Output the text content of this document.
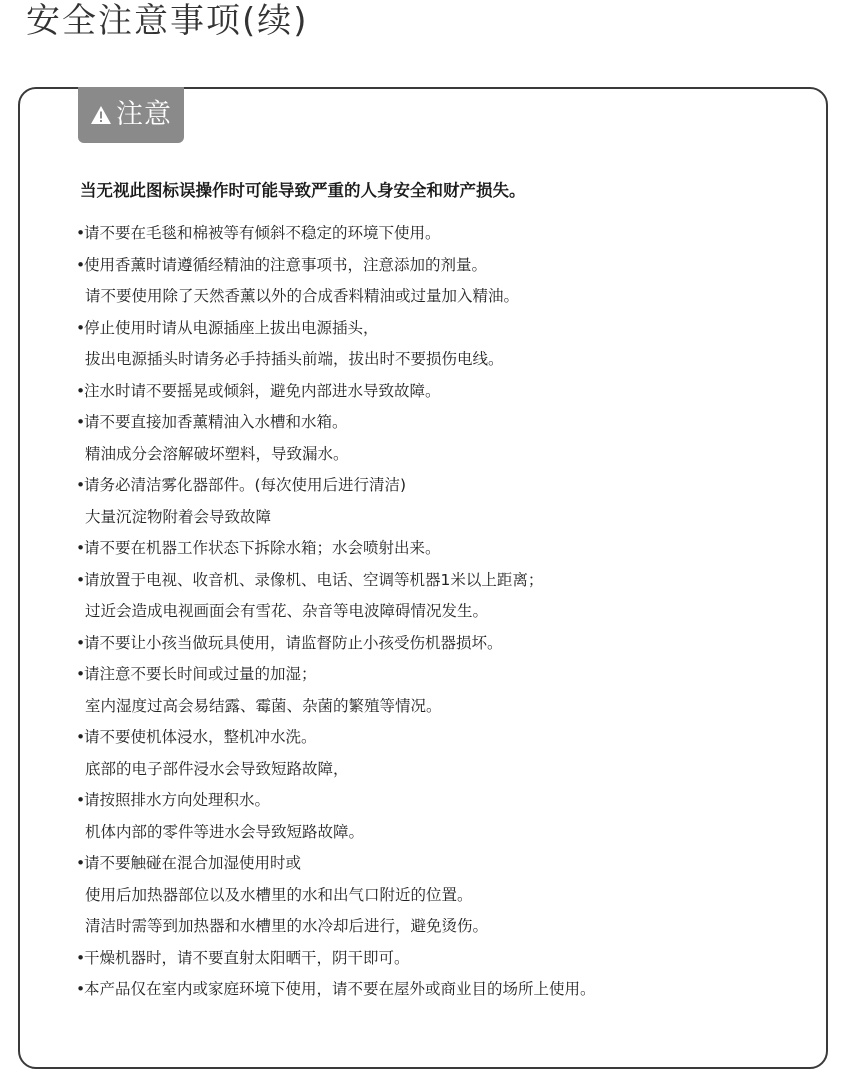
安全注意事项(续)
注意

当无视此图标误操作时可能导致严重的人身安全和财产损失。

•请不要在毛毯和棉被等有倾斜不稳定的环境下使用。
•使用香薰时请遵循经精油的注意事项书，注意添加的剂量。
请不要使用除了天然香薰以外的合成香料精油或过量加入精油。
•停止使用时请从电源插座上拔出电源插头，
拔出电源插头时请务必手持插头前端，拔出时不要损伤电线。
•注水时请不要摇晃或倾斜，避免内部进水导致故障。
•请不要直接加香薰精油入水槽和水箱。
精油成分会溶解破坏塑料，导致漏水。
•请务必清洁雾化器部件。(每次使用后进行清洁)
大量沉淀物附着会导致故障
•请不要在机器工作状态下拆除水箱；水会喷射出来。
•请放置于电视、收音机、录像机、电话、空调等机器1米以上距离；
过近会造成电视画面会有雪花、杂音等电波障碍情况发生。
•请不要让小孩当做玩具使用，请监督防止小孩受伤机器损坏。
•请注意不要长时间或过量的加湿；
室内湿度过高会易结露、霉菌、杂菌的繁殖等情况。
•请不要使机体浸水，整机冲水洗。
底部的电子部件浸水会导致短路故障，
•请按照排水方向处理积水。
机体内部的零件等进水会导致短路故障。
•请不要触碰在混合加湿使用时或
使用后加热器部位以及水槽里的水和出气口附近的位置。
清洁时需等到加热器和水槽里的水冷却后进行，避免烫伤。
•干燥机器时，请不要直射太阳晒干，阴干即可。
•本产品仅在室内或家庭环境下使用，请不要在屋外或商业目的场所上使用。
